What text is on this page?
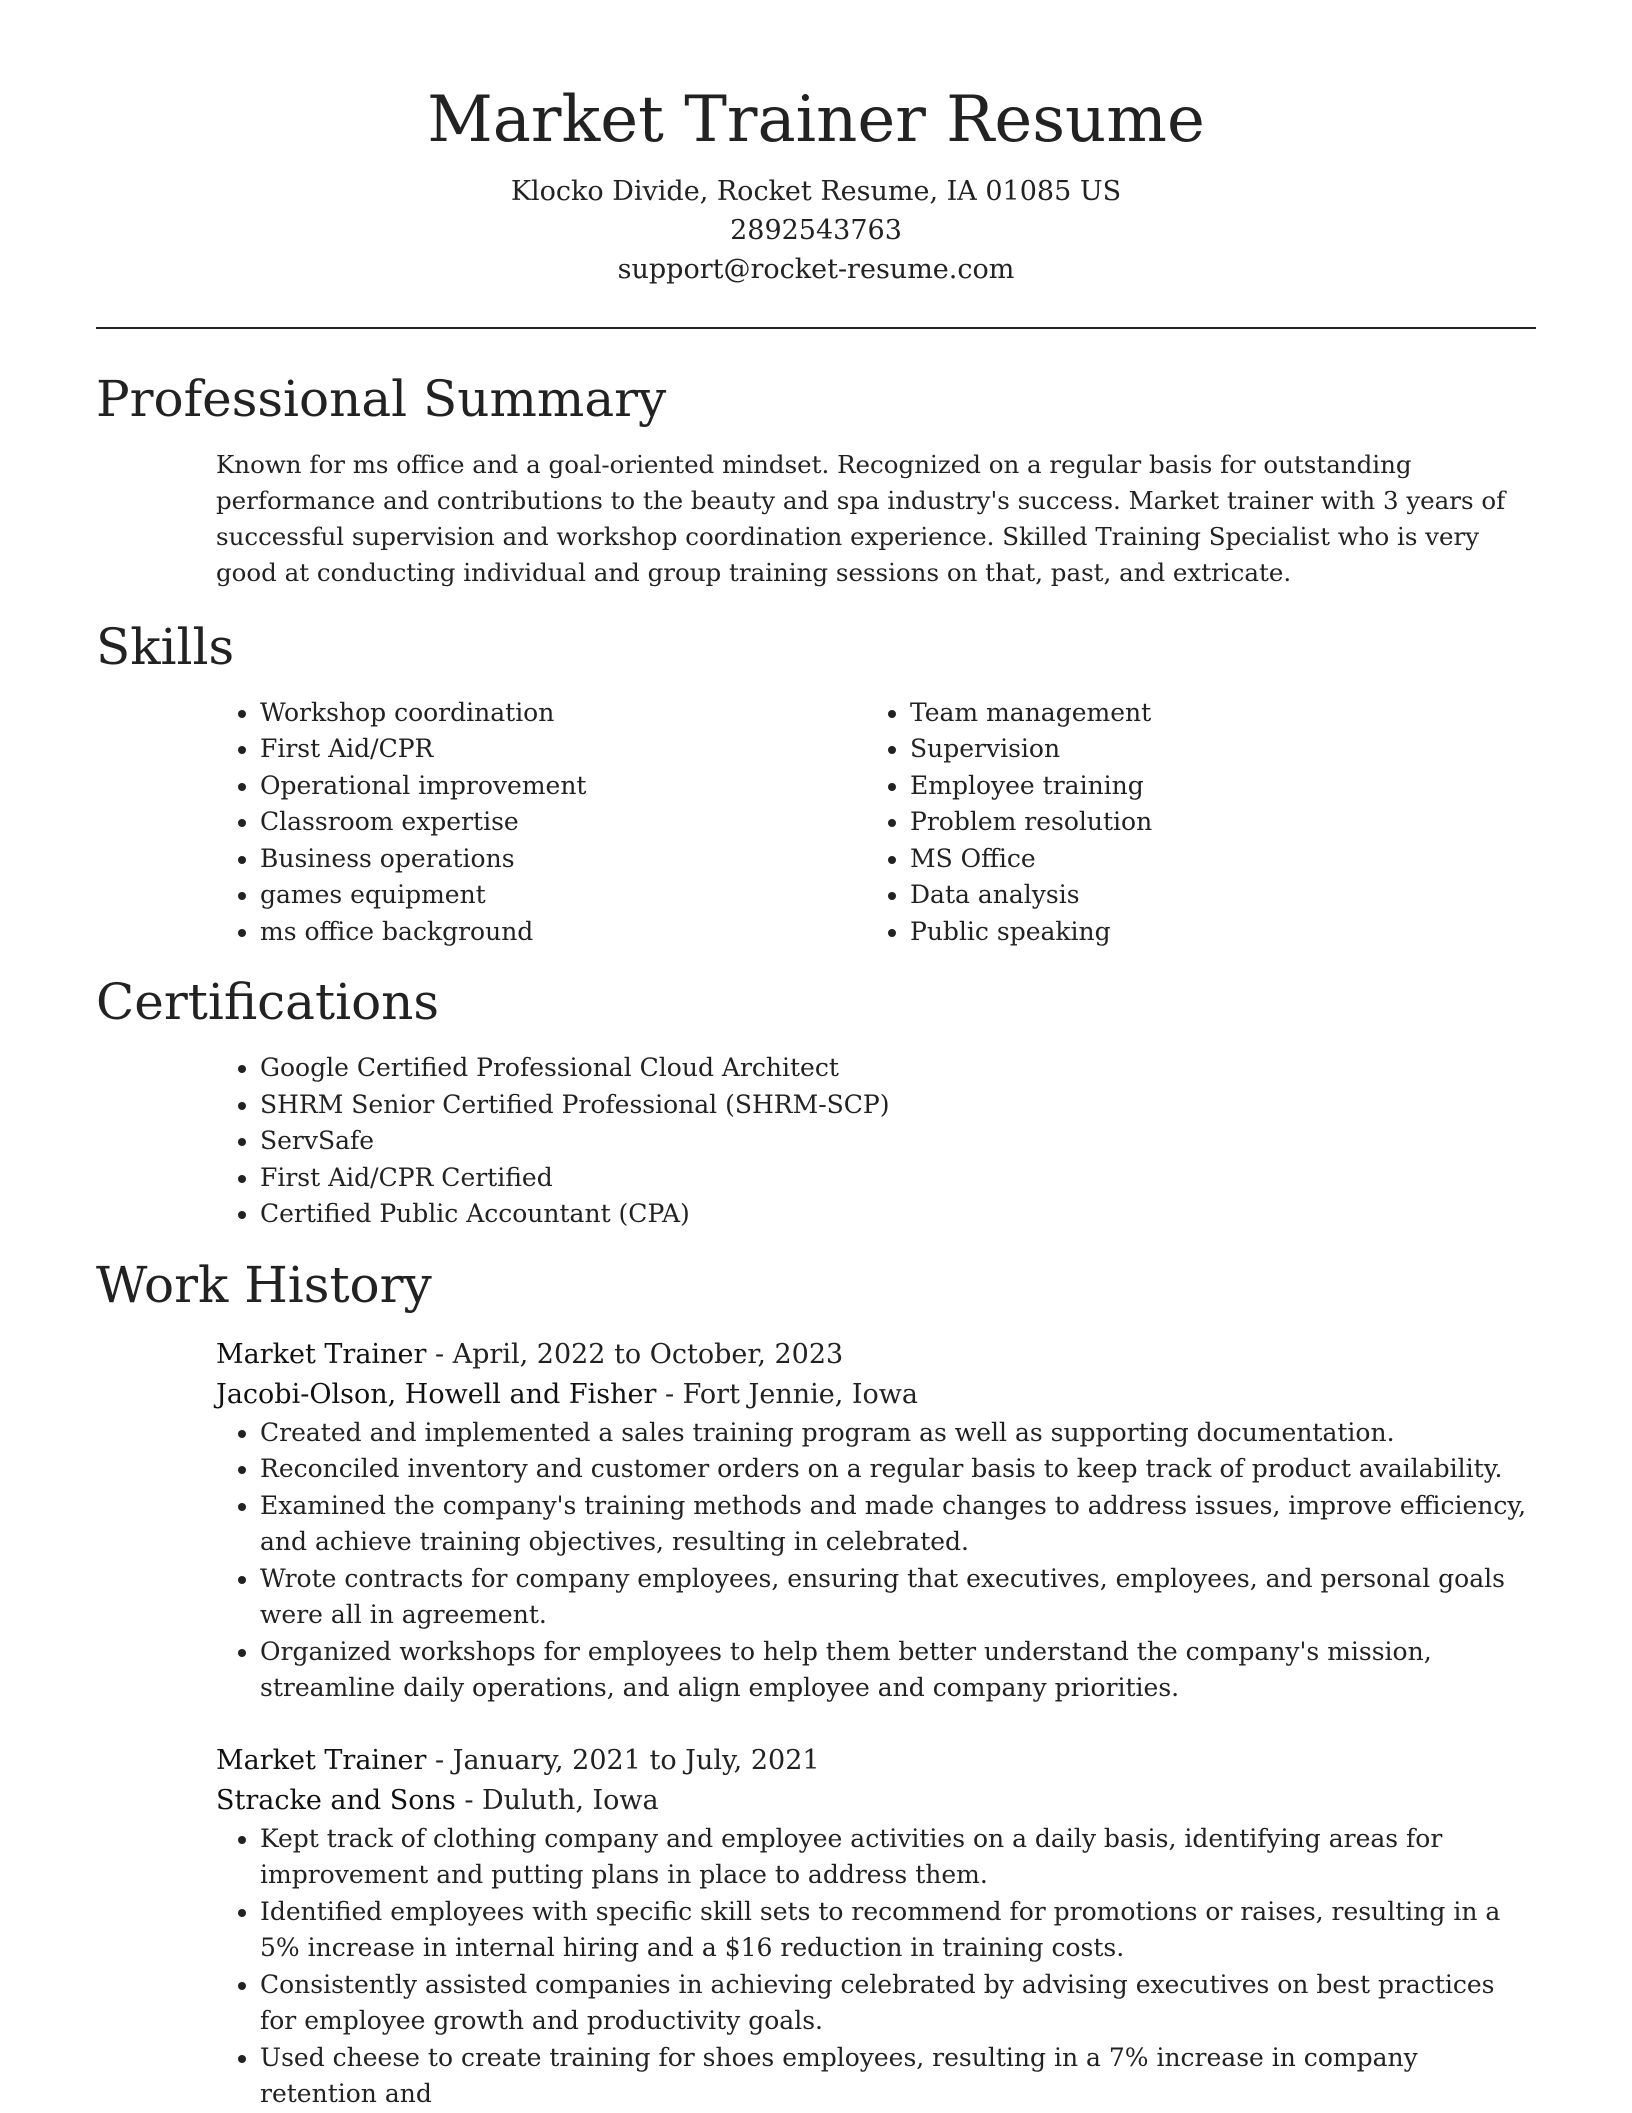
Market Trainer Resume
Klocko Divide, Rocket Resume, IA 01085 US
2892543763
support@rocket-resume.com
Professional Summary

Known for ms office and a goal-oriented mindset. Recognized on a regular basis for outstanding performance and contributions to the beauty and spa industry's success. Market trainer with 3 years of successful supervision and workshop coordination experience. Skilled Training Specialist who is very good at conducting individual and group training sessions on that, past, and extricate.

Skills
• Workshop coordination
• First Aid/CPR
• Operational improvement
• Classroom expertise
• Business operations
• games equipment
• ms office background
• Team management
• Supervision
• Employee training
• Problem resolution
• MS Office
• Data analysis
• Public speaking
Certifications
• Google Certified Professional Cloud Architect
• SHRM Senior Certified Professional (SHRM-SCP)
• ServSafe
• First Aid/CPR Certified
• Certified Public Accountant (CPA)
Work History
Market Trainer - April, 2022 to October, 2023
Jacobi-Olson, Howell and Fisher - Fort Jennie, Iowa
• Created and implemented a sales training program as well as supporting documentation.
• Reconciled inventory and customer orders on a regular basis to keep track of product availability.
• Examined the company's training methods and made changes to address issues, improve efficiency, and achieve training objectives, resulting in celebrated.
• Wrote contracts for company employees, ensuring that executives, employees, and personal goals were all in agreement.
• Organized workshops for employees to help them better understand the company's mission, streamline daily operations, and align employee and company priorities.
Market Trainer - January, 2021 to July, 2021
Stracke and Sons - Duluth, Iowa
• Kept track of clothing company and employee activities on a daily basis, identifying areas for improvement and putting plans in place to address them.
• Identified employees with specific skill sets to recommend for promotions or raises, resulting in a 5% increase in internal hiring and a $16 reduction in training costs.
• Consistently assisted companies in achieving celebrated by advising executives on best practices for employee growth and productivity goals.
• Used cheese to create training for shoes employees, resulting in a 7% increase in company retention and
